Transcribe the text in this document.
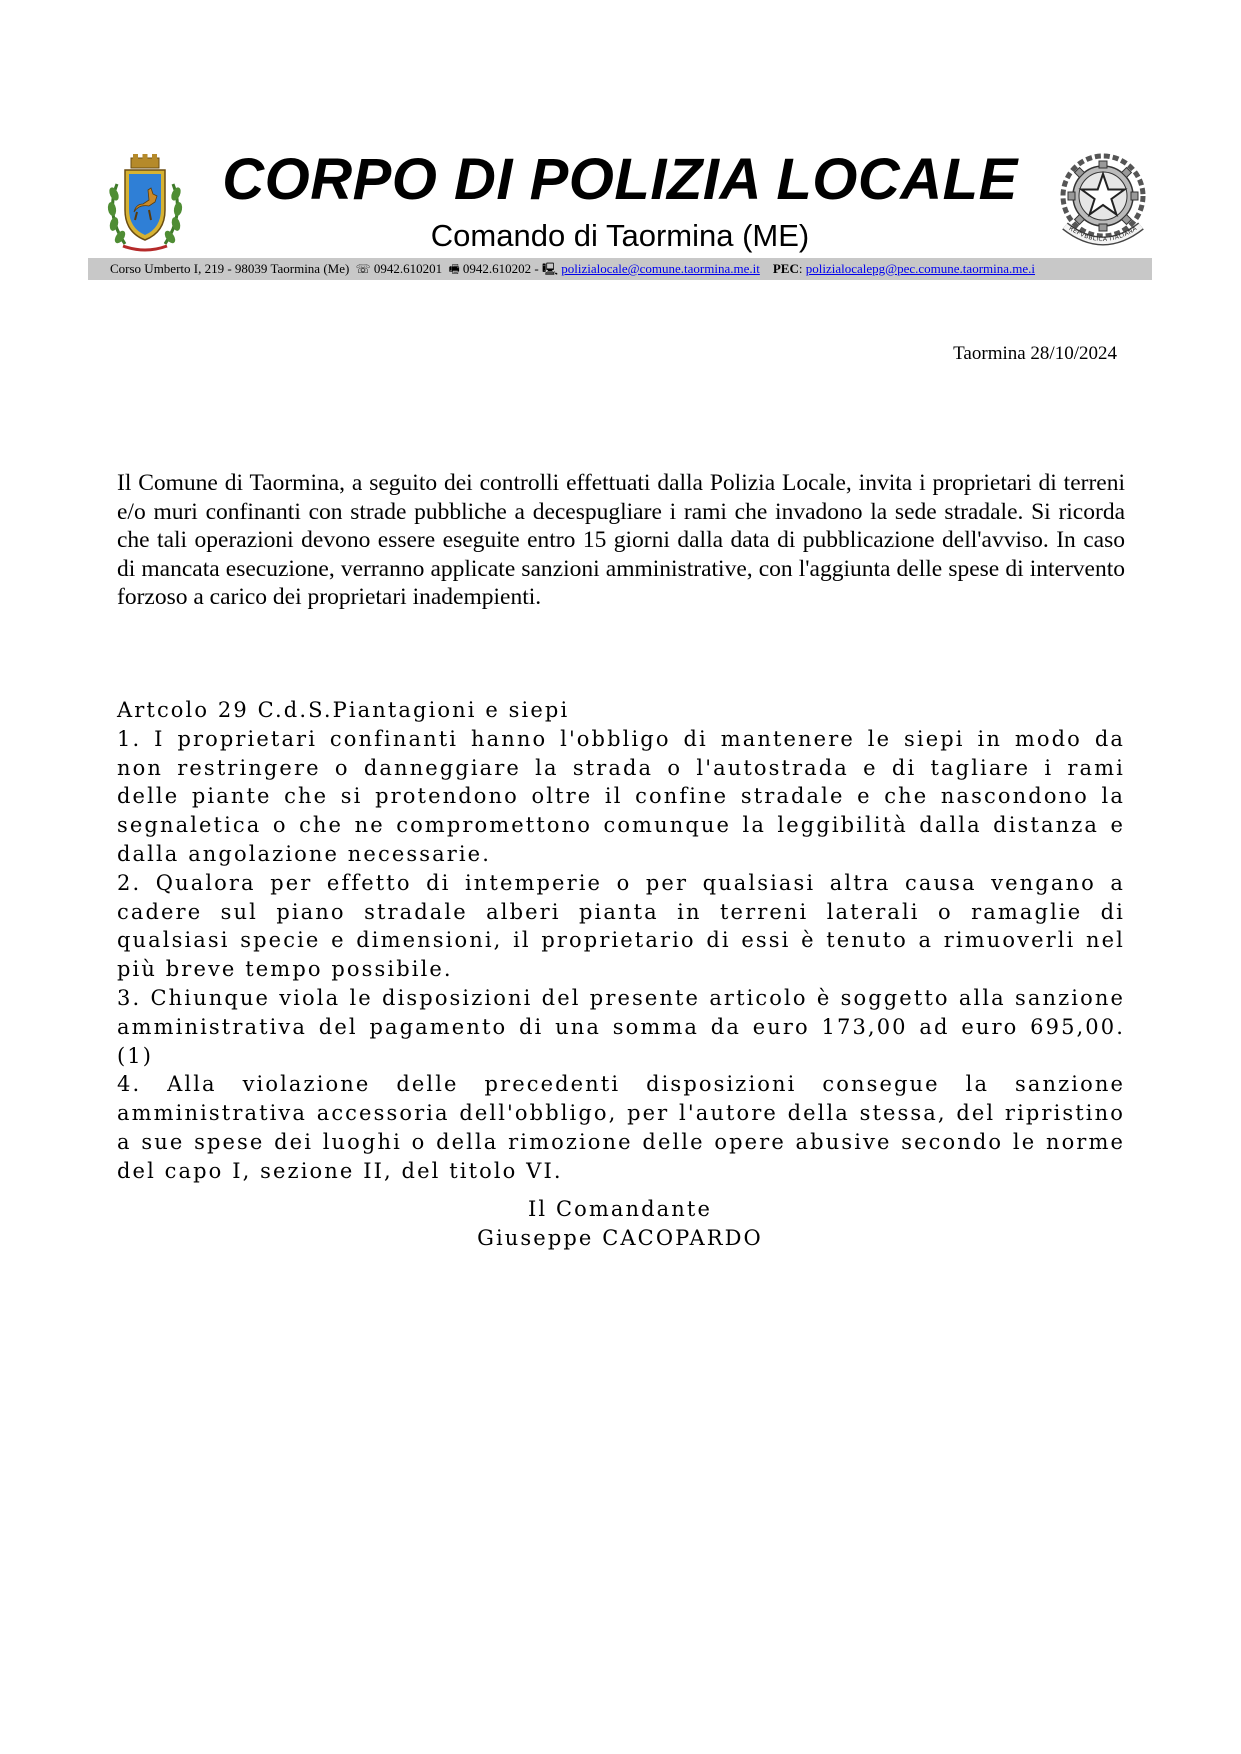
CORPO DI POLIZIA LOCALE
Comando di Taormina (ME)	REPVBBLICA ITALIANA
Corso Umberto I, 219 - 98039 Taormina (Me)  ☏ 0942.610201  🖷 0942.610202 - 🖳 polizialocale@comune.taormina.me.it PEC: polizialocalepg@pec.comune.taormina.me.i
Taormina 28/10/2024

Il Comune di Taormina, a seguito dei controlli effettuati dalla Polizia Locale, invita i proprietari di terreni e/o muri confinanti con strade pubbliche a decespugliare i rami che invadono la sede stradale. Si ricorda che tali operazioni devono essere eseguite entro 15 giorni dalla data di pubblicazione dell'avviso. In caso di mancata esecuzione, verranno applicate sanzioni amministrative, con l'aggiunta delle spese di intervento forzoso a carico dei proprietari inadempienti.

Artcolo 29 C.d.S.Piantagioni e siepi

1. I proprietari confinanti hanno l'obbligo di mantenere le siepi in modo da non restringere o danneggiare la strada o l'autostrada e di tagliare i rami delle piante che si protendono oltre il confine stradale e che nascondono la segnaletica o che ne compromettono comunque la leggibilità dalla distanza e dalla angolazione necessarie.

2. Qualora per effetto di intemperie o per qualsiasi altra causa vengano a cadere sul piano stradale alberi pianta in terreni laterali o ramaglie di qualsiasi specie e dimensioni, il proprietario di essi è tenuto a rimuoverli nel più breve tempo possibile.

3. Chiunque viola le disposizioni del presente articolo è soggetto alla sanzione amministrativa del pagamento di una somma da euro 173,00 ad euro 695,00. (1)

4. Alla violazione delle precedenti disposizioni consegue la sanzione amministrativa accessoria dell'obbligo, per l'autore della stessa, del ripristino a sue spese dei luoghi o della rimozione delle opere abusive secondo le norme del capo I, sezione II, del titolo VI.

Il Comandante
Giuseppe CACOPARDO
